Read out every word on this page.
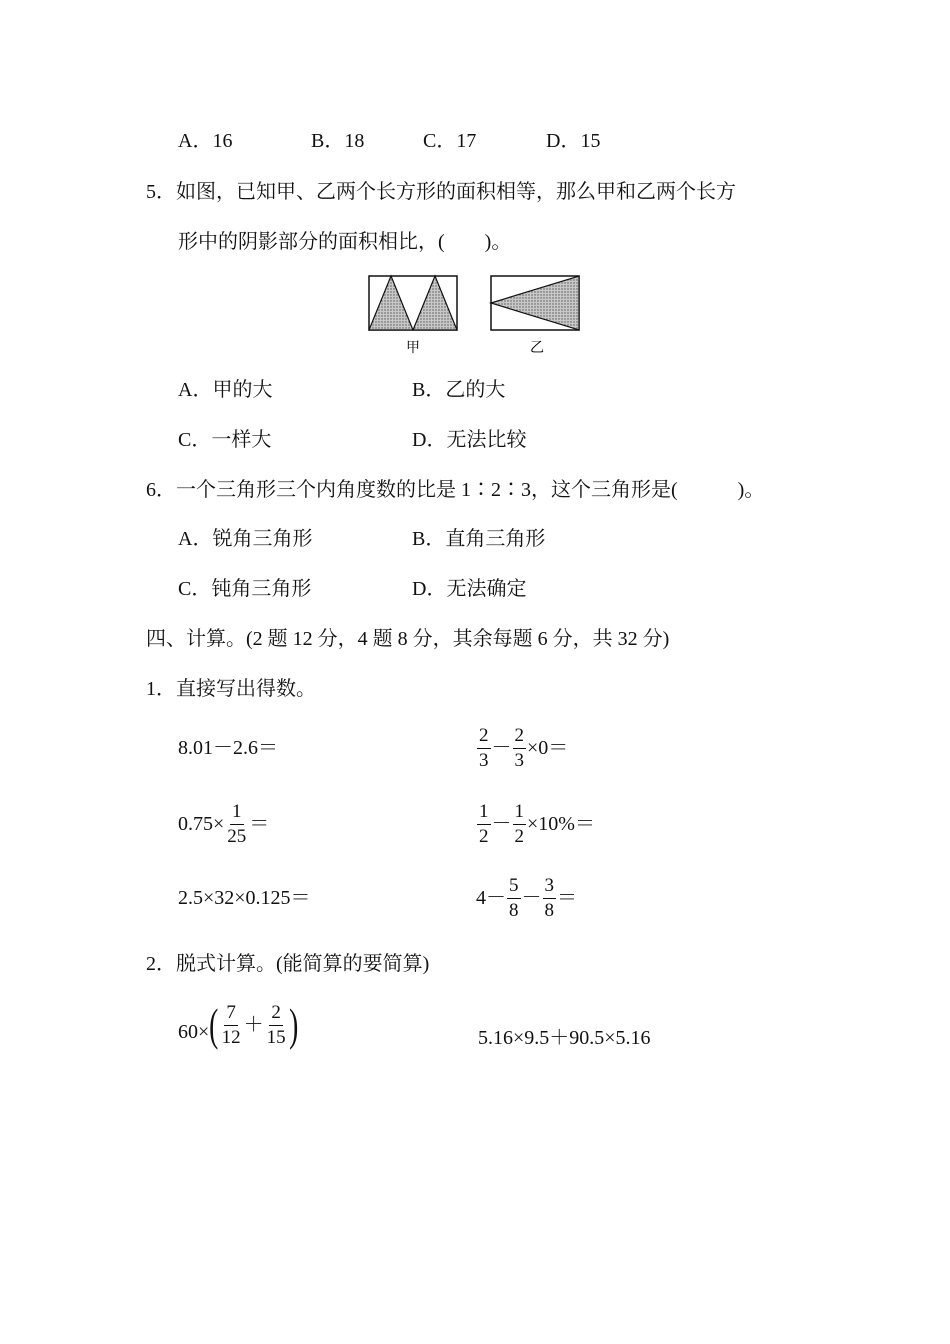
A．16	B．18	C．17	D．15
5．如图，已知甲、乙两个长方形的面积相等，那么甲和乙两个长方
形中的阴影部分的面积相比，(　　)。
甲	乙
A．甲的大	B．乙的大
C．一样大	D．无法比较
6．一个三角形三个内角度数的比是 1∶2∶3，这个三角形是(　　　)。
A．锐角三角形	B．直角三角形
C．钝角三角形	D．无法确定
四、计算。(2 题 12 分，4 题 8 分，其余每题 6 分，共 32 分)
1．直接写出得数。
8.01－2.6＝	$\frac{2}{3} - \frac{2}{3} \times 0=$
$0.75\times \frac{1}{25}$ ＝	$\frac{1}{2} - \frac{1}{2} \times 10\%=$
2.5×32×0.125＝	$4- \frac{5}{8} - \frac{3}{8}$ ＝
2．脱式计算。(能简算的要简算)
60× ( $\frac{7}{12} + \frac{2}{15}$ )	5.16×9.5＋90.5×5.16
